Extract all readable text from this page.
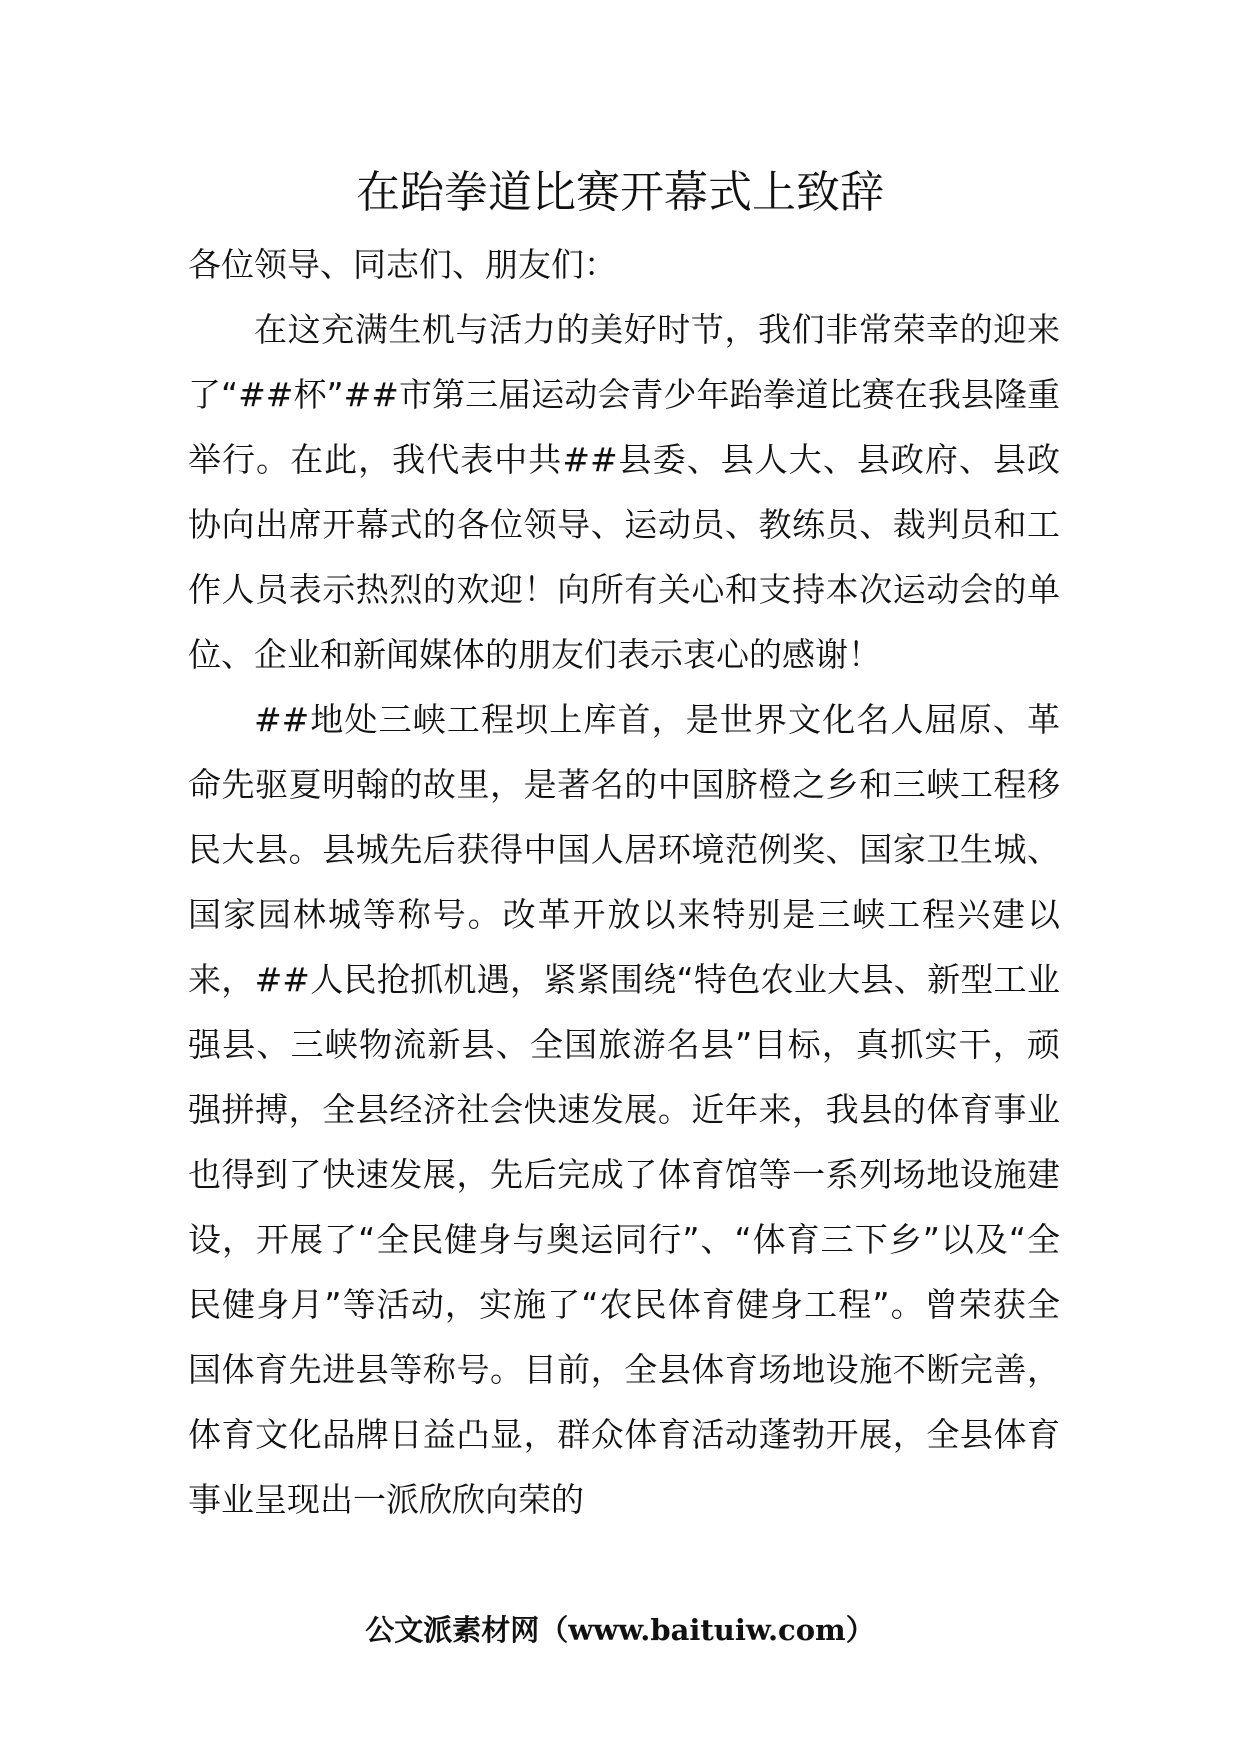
在跆拳道比赛开幕式上致辞

各位领导、同志们、朋友们：

在这充满生机与活力的美好时节，我们非常荣幸的迎来了“##杯”##市第三届运动会青少年跆拳道比赛在我县隆重举行。在此，我代表中共##县委、县人大、县政府、县政协向出席开幕式的各位领导、运动员、教练员、裁判员和工作人员表示热烈的欢迎！向所有关心和支持本次运动会的单位、企业和新闻媒体的朋友们表示衷心的感谢！

##地处三峡工程坝上库首，是世界文化名人屈原、革命先驱夏明翰的故里，是著名的中国脐橙之乡和三峡工程移民大县。县城先后获得中国人居环境范例奖、国家卫生城、国家园林城等称号。改革开放以来特别是三峡工程兴建以来，##人民抢抓机遇，紧紧围绕“特色农业大县、新型工业强县、三峡物流新县、全国旅游名县”目标，真抓实干，顽强拼搏，全县经济社会快速发展。近年来，我县的体育事业也得到了快速发展，先后完成了体育馆等一系列场地设施建设，开展了“全民健身与奥运同行”、“体育三下乡”以及“全民健身月”等活动，实施了“农民体育健身工程”。曾荣获全国体育先进县等称号。目前，全县体育场地设施不断完善，体育文化品牌日益凸显，群众体育活动蓬勃开展，全县体育事业呈现出一派欣欣向荣的

公文派素材网（www.baituiw.com）
